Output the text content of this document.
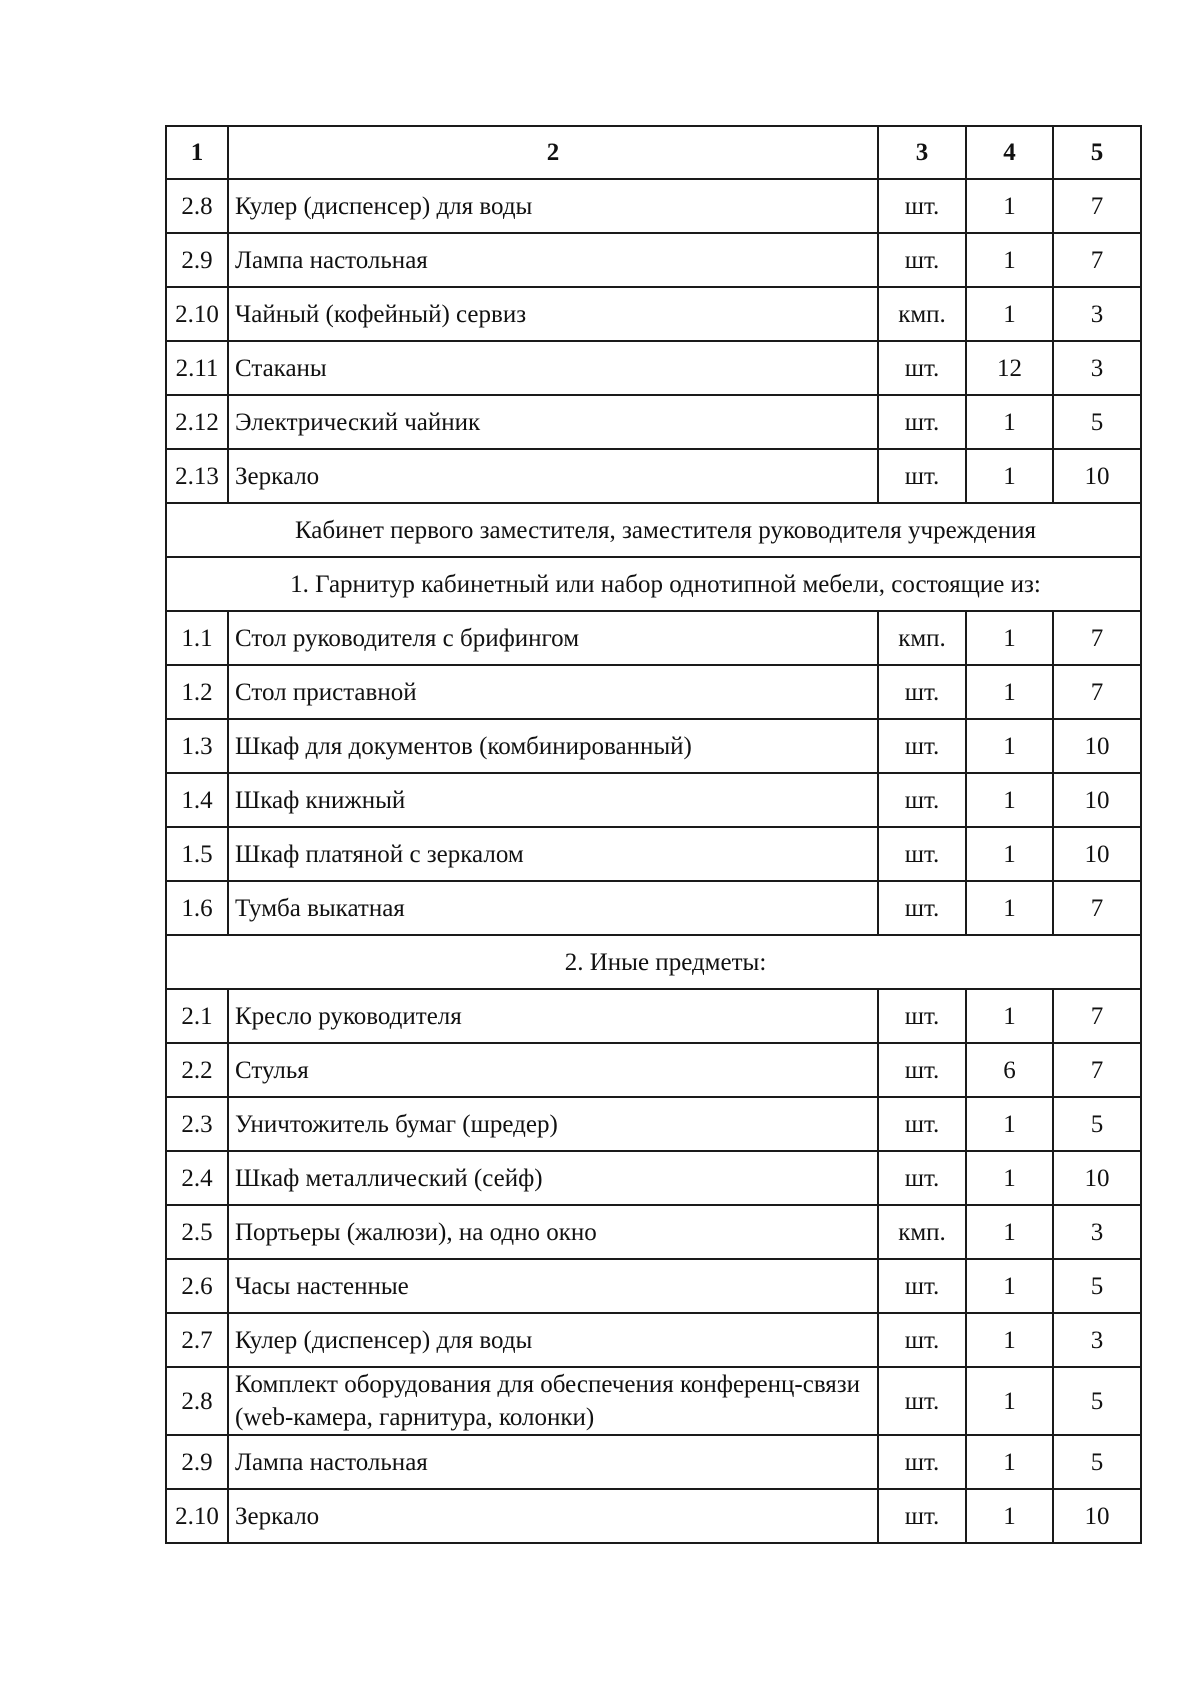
1	2	3	4	5
2.8	Кулер (диспенсер) для воды	шт.	1	7
2.9	Лампа настольная	шт.	1	7
2.10	Чайный (кофейный) сервиз	кмп.	1	3
2.11	Стаканы	шт.	12	3
2.12	Электрический чайник	шт.	1	5
2.13	Зеркало	шт.	1	10
Кабинет первого заместителя, заместителя руководителя учреждения				
1. Гарнитур кабинетный или набор однотипной мебели, состоящие из:				
1.1	Стол руководителя с брифингом	кмп.	1	7
1.2	Стол приставной	шт.	1	7
1.3	Шкаф для документов (комбинированный)	шт.	1	10
1.4	Шкаф книжный	шт.	1	10
1.5	Шкаф платяной с зеркалом	шт.	1	10
1.6	Тумба выкатная	шт.	1	7
2. Иные предметы:				
2.1	Кресло руководителя	шт.	1	7
2.2	Стулья	шт.	6	7
2.3	Уничтожитель бумаг (шредер)	шт.	1	5
2.4	Шкаф металлический (сейф)	шт.	1	10
2.5	Портьеры (жалюзи), на одно окно	кмп.	1	3
2.6	Часы настенные	шт.	1	5
2.7	Кулер (диспенсер) для воды	шт.	1	3
2.8	Комплект оборудования для обеспечения конференц-связи (web-камера, гарнитура, колонки)	шт.	1	5
2.9	Лампа настольная	шт.	1	5
2.10	Зеркало	шт.	1	10
